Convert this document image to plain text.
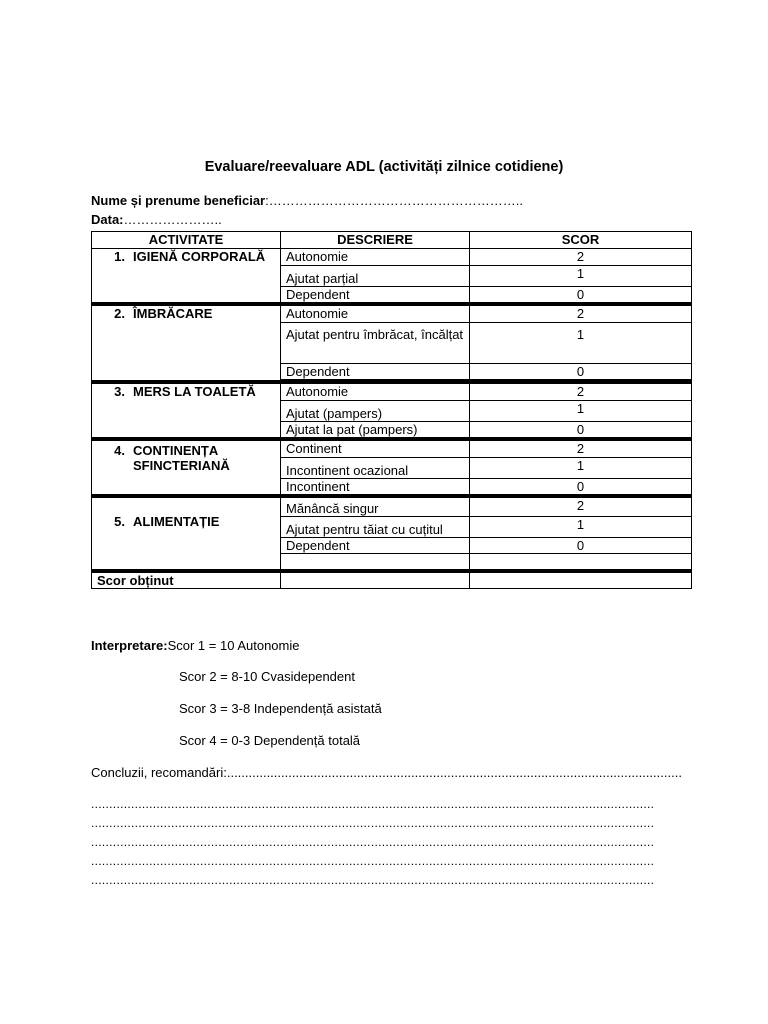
Evaluare/reevaluare ADL (activități zilnice cotidiene)
Nume și prenume beneficiar:…………………………………………………..
Data:…………………..
ACTIVITATE	DESCRIERE	SCOR
1. IGIENĂ CORPORALĂ	Autonomie	2
	Ajutat parțial	1
	Dependent	0
2. ÎMBRĂCARE	Autonomie	2
	Ajutat pentru îmbrăcat, încălțat	1
	Dependent	0

3. MERS LA TOALETĂ	Autonomie	2
	Ajutat (pampers)	1
	Ajutat la pat (pampers)	0
4. CONTINENȚA SFINCTERIANĂ	Continent	2
	Incontinent ocazional	1
	Incontinent	0
5. ALIMENTAȚIE	Mănâncă singur	2
	Ajutat pentru tăiat cu cuțitul	1
	Dependent	0

Scor obținut		
Interpretare:Scor 1 = 10 Autonomie
Scor 2 = 8-10 Cvasidependent
Scor 3 = 3-8 Independență asistată
Scor 4 = 0-3 Dependență totală
Concluzii, recomandări:..............................................................................................................................
...........................................................................................................................................................
...........................................................................................................................................................
...........................................................................................................................................................
...........................................................................................................................................................
...........................................................................................................................................................
